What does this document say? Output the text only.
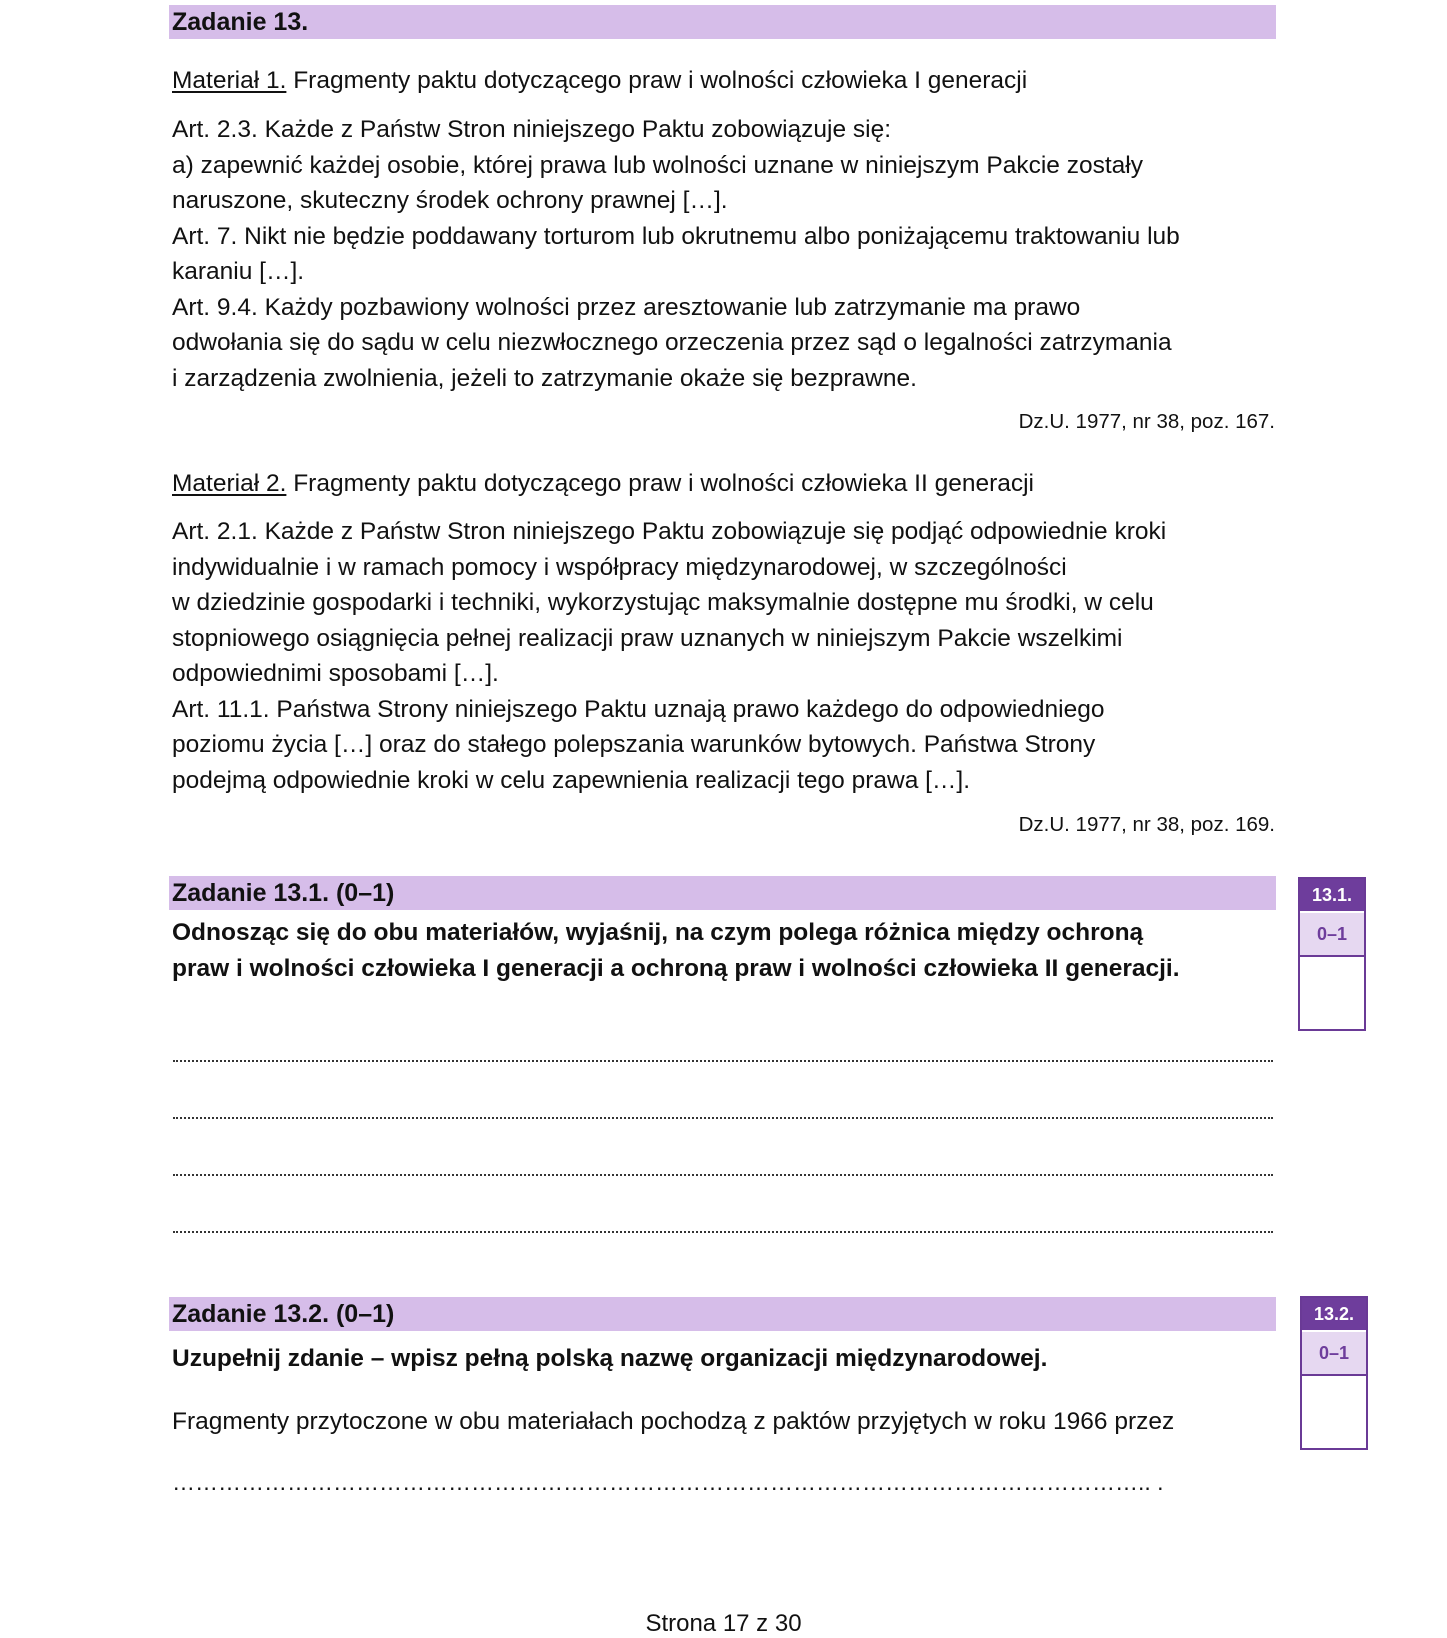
Zadanie 13.
Materiał 1. Fragmenty paktu dotyczącego praw i wolności człowieka I generacji
Art. 2.3. Każde z Państw Stron niniejszego Paktu zobowiązuje się:
a) zapewnić każdej osobie, której prawa lub wolności uznane w niniejszym Pakcie zostały
naruszone, skuteczny środek ochrony prawnej […].
Art. 7. Nikt nie będzie poddawany torturom lub okrutnemu albo poniżającemu traktowaniu lub
karaniu […].
Art. 9.4. Każdy pozbawiony wolności przez aresztowanie lub zatrzymanie ma prawo
odwołania się do sądu w celu niezwłocznego orzeczenia przez sąd o legalności zatrzymania
i zarządzenia zwolnienia, jeżeli to zatrzymanie okaże się bezprawne.
Dz.U. 1977, nr 38, poz. 167.
Materiał 2. Fragmenty paktu dotyczącego praw i wolności człowieka II generacji
Art. 2.1. Każde z Państw Stron niniejszego Paktu zobowiązuje się podjąć odpowiednie kroki
indywidualnie i w ramach pomocy i współpracy międzynarodowej, w szczególności
w dziedzinie gospodarki i techniki, wykorzystując maksymalnie dostępne mu środki, w celu
stopniowego osiągnięcia pełnej realizacji praw uznanych w niniejszym Pakcie wszelkimi
odpowiednimi sposobami […].
Art. 11.1. Państwa Strony niniejszego Paktu uznają prawo każdego do odpowiedniego
poziomu życia […] oraz do stałego polepszania warunków bytowych. Państwa Strony
podejmą odpowiednie kroki w celu zapewnienia realizacji tego prawa […].
Dz.U. 1977, nr 38, poz. 169.
Zadanie 13.1. (0–1)
Odnosząc się do obu materiałów, wyjaśnij, na czym polega różnica między ochroną
praw i wolności człowieka I generacji a ochroną praw i wolności człowieka II generacji.
13.1.
0–1
Zadanie 13.2. (0–1)
Uzupełnij zdanie – wpisz pełną polską nazwę organizacji międzynarodowej.
Fragmenty przytoczone w obu materiałach pochodzą z paktów przyjętych w roku 1966 przez
……………………………………………………………………………………………………………….. .
13.2.
0–1
Strona 17 z 30
